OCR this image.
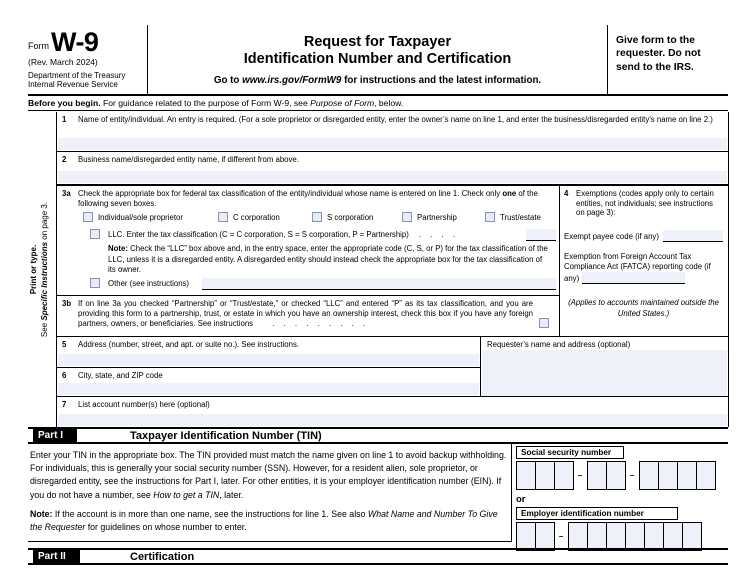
Form W-9
(Rev. March 2024)
Department of the Treasury
Internal Revenue Service
Request for Taxpayer
Identification Number and Certification
Go to www.irs.gov/FormW9 for instructions and the latest information.
Give form to the requester. Do not send to the IRS.
Before you begin. For guidance related to the purpose of Form W-9, see Purpose of Form, below.
Print or type.
See Specific Instructions on page 3.
1	Name of entity/individual. An entry is required. (For a sole proprietor or disregarded entity, enter the owner’s name on line 1, and enter the business/disregarded entity’s name on line 2.)
2	Business name/disregarded entity name, if different from above.
3a Check the appropriate box for federal tax classification of the entity/individual whose name is entered on line 1. Check only one of the following seven boxes.
Individual/sole proprietor	C corporation	S corporation	Partnership	Trust/estate
LLC. Enter the tax classification (C = C corporation, S = S corporation, P = Partnership) . . . .
Note: Check the “LLC” box above and, in the entry space, enter the appropriate code (C, S, or P) for the tax classification of the LLC, unless it is a disregarded entity. A disregarded entity should instead check the appropriate box for the tax classification of its owner.
Other (see instructions)
3b If on line 3a you checked “Partnership” or “Trust/estate,” or checked “LLC” and entered “P” as its tax classification, and you are providing this form to a partnership, trust, or estate in which you have an ownership interest, check this box if you have any foreign partners, owners, or beneficiaries. See instructions . . . . . . . . .
4 Exemptions (codes apply only to certain entities, not individuals; see instructions on page 3):
Exempt payee code (if any)
Exemption from Foreign Account Tax Compliance Act (FATCA) reporting code (if any)
(Applies to accounts maintained outside the United States.)
5	Address (number, street, and apt. or suite no.). See instructions.
6	City, state, and ZIP code
Requester’s name and address (optional)
7	List account number(s) here (optional)
Part I	Taxpayer Identification Number (TIN)

Enter your TIN in the appropriate box. The TIN provided must match the name given on line 1 to avoid backup withholding. For individuals, this is generally your social security number (SSN). However, for a resident alien, sole proprietor, or disregarded entity, see the instructions for Part I, later. For other entities, it is your employer identification number (EIN). If you do not have a number, see How to get a TIN, later.

Note: If the account is in more than one name, see the instructions for line 1. See also What Name and Number To Give the Requester for guidelines on whose number to enter.

Social security number
–	–
or
Employer identification number
–
Part II	Certification
